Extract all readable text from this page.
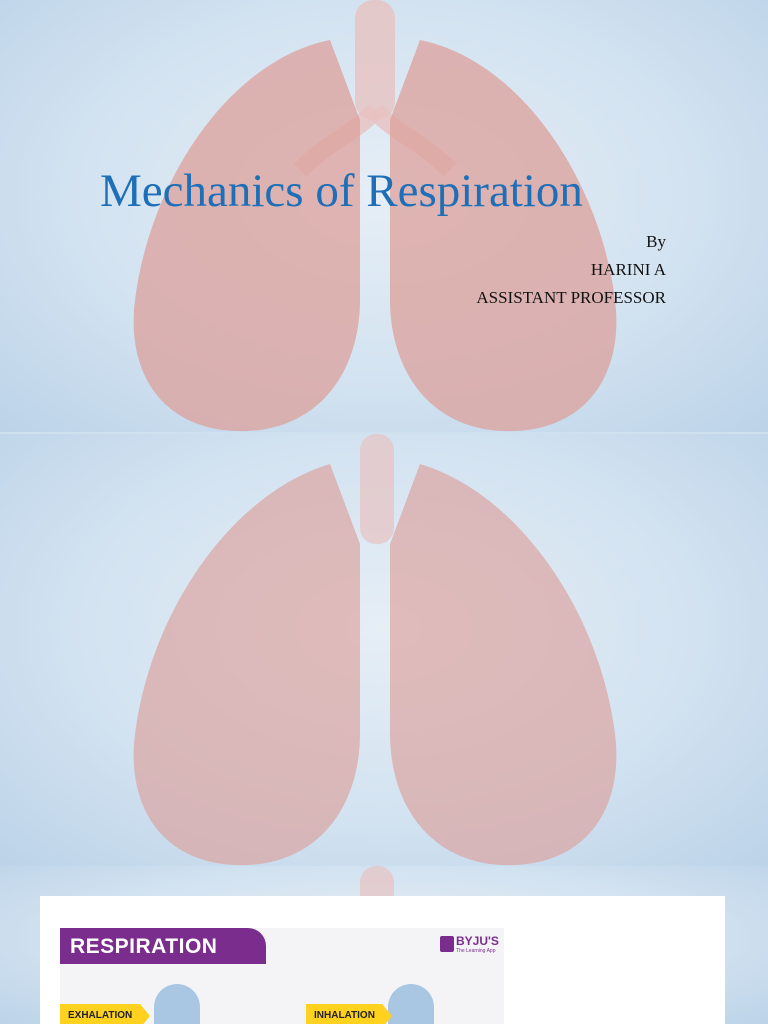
Mechanics of Respiration
By
HARINI A
ASSISTANT PROFESSOR

RESPIRATION	BYJU'S
The Learning App
EXHALATION	INHALATION
